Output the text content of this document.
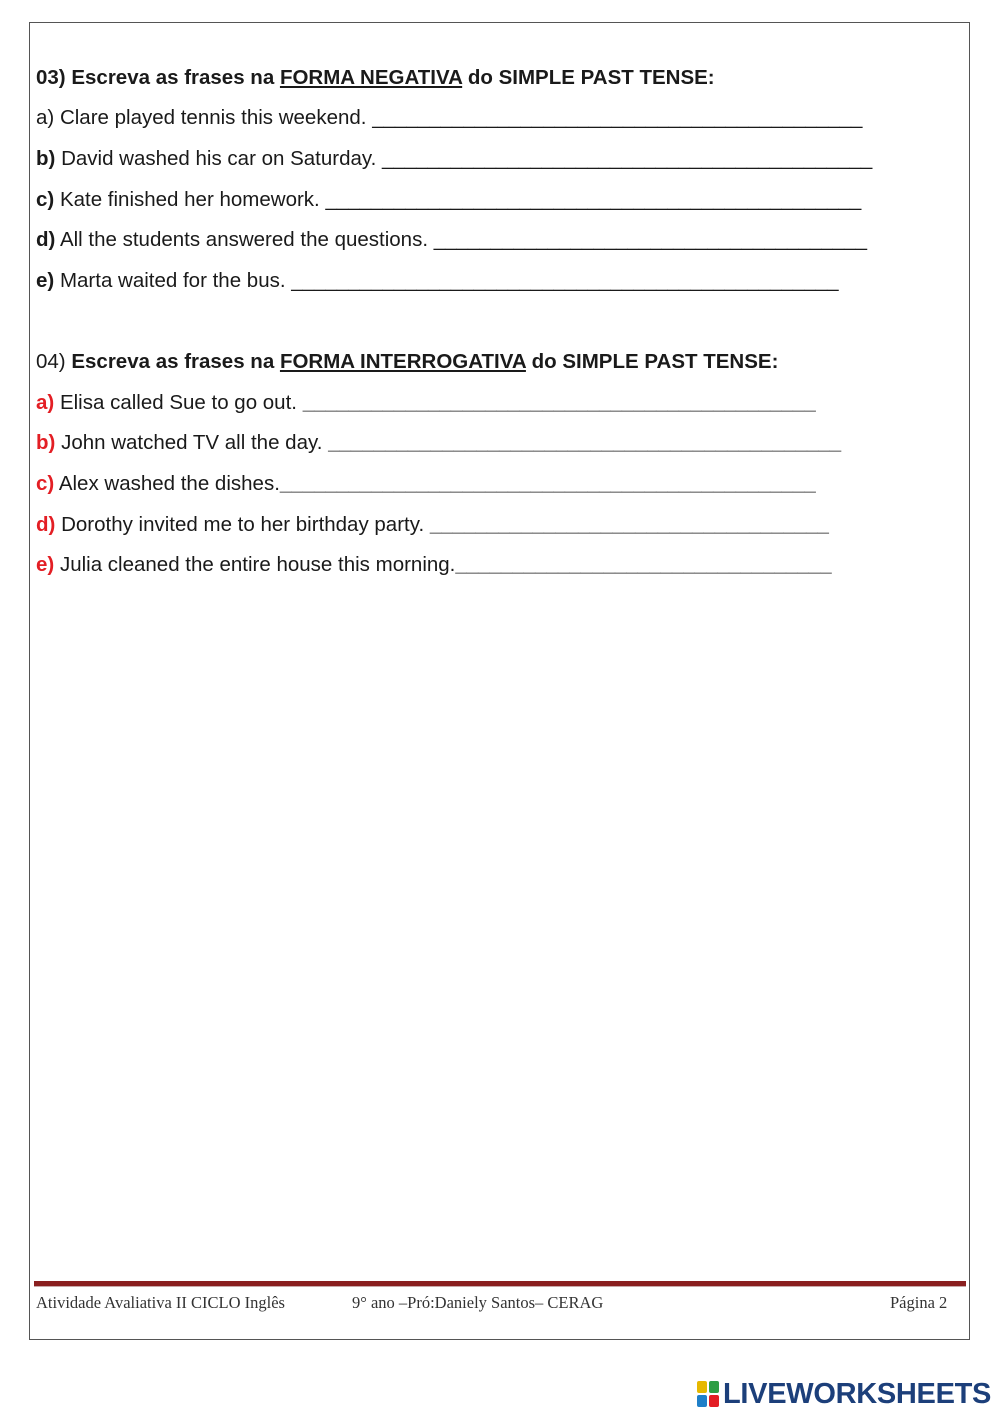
03) Escreva as frases na FORMA NEGATIVA do SIMPLE PAST TENSE:
a) Clare played tennis this weekend. ___________________________________________
b) David washed his car on Saturday. ___________________________________________
c) Kate finished her homework. _______________________________________________
d) All the students answered the questions. ______________________________________
e) Marta waited for the bus. ________________________________________________
04) Escreva as frases na FORMA INTERROGATIVA do SIMPLE PAST TENSE:
a) Elisa called Sue to go out. _____________________________________________
b) John watched TV all the day. _____________________________________________
c) Alex washed the dishes._______________________________________________
d) Dorothy invited me to her birthday party. ___________________________________
e) Julia cleaned the entire house this morning._________________________________
Atividade Avaliativa II CICLO Inglês	9° ano –Pró:Daniely Santos– CERAG	Página 2
LIVEWORKSHEETS
